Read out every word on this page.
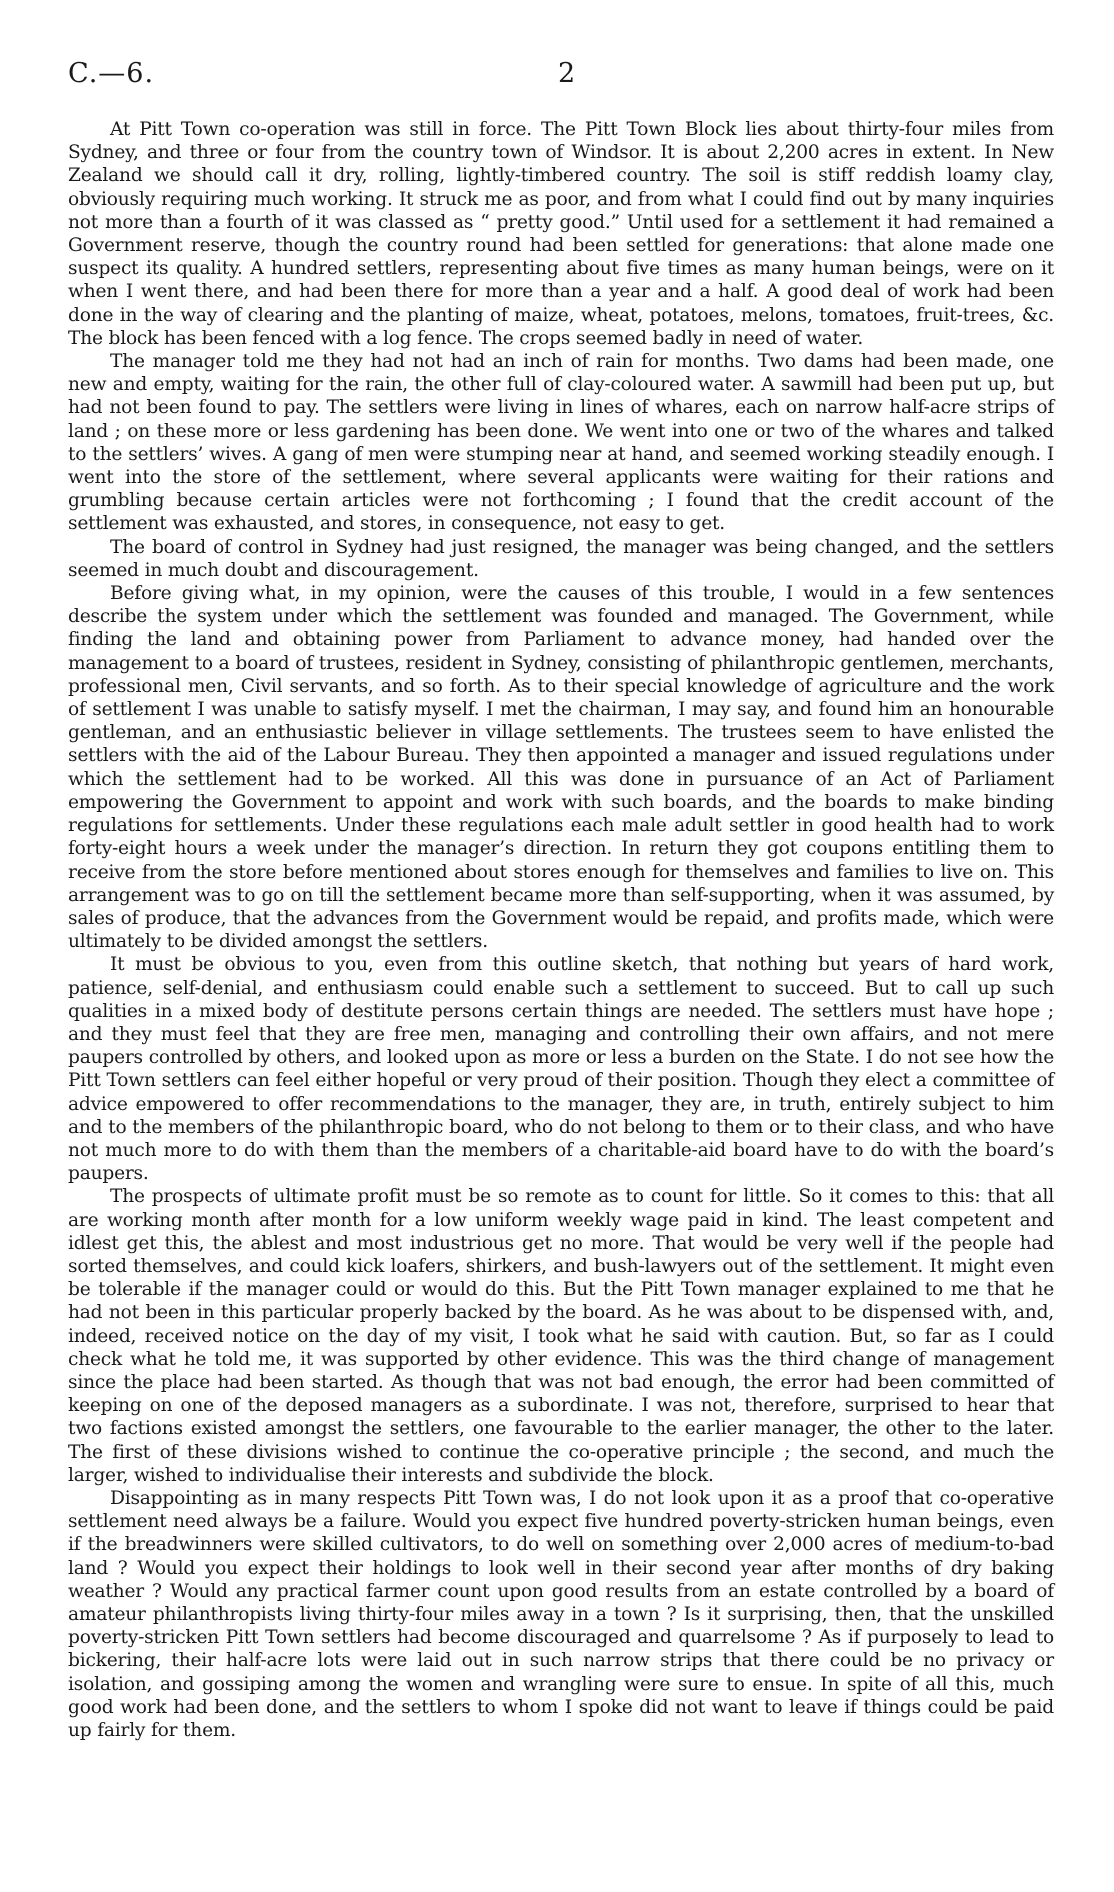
C.—6.	2

At Pitt Town co-operation was still in force. The Pitt Town Block lies about thirty-four miles from Sydney, and three or four from the country town of Windsor. It is about 2,200 acres in extent. In New Zealand we should call it dry, rolling, lightly-timbered country. The soil is stiff reddish loamy clay, obviously requiring much working. It struck me as poor, and from what I could find out by many inquiries not more than a fourth of it was classed as “ pretty good.” Until used for a settlement it had remained a Government reserve, though the country round had been settled for generations: that alone made one suspect its quality. A hundred settlers, representing about five times as many human beings, were on it when I went there, and had been there for more than a year and a half. A good deal of work had been done in the way of clearing and the planting of maize, wheat, potatoes, melons, tomatoes, fruit-trees, &c. The block has been fenced with a log fence. The crops seemed badly in need of water.

The manager told me they had not had an inch of rain for months. Two dams had been made, one new and empty, waiting for the rain, the other full of clay-coloured water. A sawmill had been put up, but had not been found to pay. The settlers were living in lines of whares, each on narrow half-acre strips of land ; on these more or less gardening has been done. We went into one or two of the whares and talked to the settlers’ wives. A gang of men were stumping near at hand, and seemed working steadily enough. I went into the store of the settlement, where several applicants were waiting for their rations and grumbling because certain articles were not forthcoming ; I found that the credit account of the settlement was exhausted, and stores, in consequence, not easy to get.

The board of control in Sydney had just resigned, the manager was being changed, and the settlers seemed in much doubt and discouragement.

Before giving what, in my opinion, were the causes of this trouble, I would in a few sentences describe the system under which the settlement was founded and managed. The Government, while finding the land and obtaining power from Parliament to advance money, had handed over the management to a board of trustees, resident in Sydney, consisting of philanthropic gentlemen, merchants, professional men, Civil servants, and so forth. As to their special knowledge of agriculture and the work of settlement I was unable to satisfy myself. I met the chairman, I may say, and found him an honourable gentleman, and an enthusiastic believer in village settlements. The trustees seem to have enlisted the settlers with the aid of the Labour Bureau. They then appointed a manager and issued regulations under which the settlement had to be worked. All this was done in pursuance of an Act of Parliament empowering the Government to appoint and work with such boards, and the boards to make binding regulations for settlements. Under these regulations each male adult settler in good health had to work forty-eight hours a week under the manager’s direction. In return they got coupons entitling them to receive from the store before mentioned about stores enough for themselves and families to live on. This arrangement was to go on till the settlement became more than self-supporting, when it was assumed, by sales of produce, that the advances from the Government would be repaid, and profits made, which were ultimately to be divided amongst the settlers.

It must be obvious to you, even from this outline sketch, that nothing but years of hard work, patience, self-denial, and enthusiasm could enable such a settlement to succeed. But to call up such qualities in a mixed body of destitute persons certain things are needed. The settlers must have hope ; and they must feel that they are free men, managing and controlling their own affairs, and not mere paupers controlled by others, and looked upon as more or less a burden on the State. I do not see how the Pitt Town settlers can feel either hopeful or very proud of their position. Though they elect a committee of advice empowered to offer recommendations to the manager, they are, in truth, entirely subject to him and to the members of the philanthropic board, who do not belong to them or to their class, and who have not much more to do with them than the members of a charitable-aid board have to do with the board’s paupers.

The prospects of ultimate profit must be so remote as to count for little. So it comes to this: that all are working month after month for a low uniform weekly wage paid in kind. The least competent and idlest get this, the ablest and most industrious get no more. That would be very well if the people had sorted themselves, and could kick loafers, shirkers, and bush-lawyers out of the settlement. It might even be tolerable if the manager could or would do this. But the Pitt Town manager explained to me that he had not been in this particular properly backed by the board. As he was about to be dispensed with, and, indeed, received notice on the day of my visit, I took what he said with caution. But, so far as I could check what he told me, it was supported by other evidence. This was the third change of management since the place had been started. As though that was not bad enough, the error had been committed of keeping on one of the deposed managers as a subordinate. I was not, therefore, surprised to hear that two factions existed amongst the settlers, one favourable to the earlier manager, the other to the later. The first of these divisions wished to continue the co-operative principle ; the second, and much the larger, wished to individualise their interests and subdivide the block.

Disappointing as in many respects Pitt Town was, I do not look upon it as a proof that co-operative settlement need always be a failure. Would you expect five hundred poverty-stricken human beings, even if the breadwinners were skilled cultivators, to do well on something over 2,000 acres of medium-to-bad land ? Would you expect their holdings to look well in their second year after months of dry baking weather ? Would any practical farmer count upon good results from an estate controlled by a board of amateur philanthropists living thirty-four miles away in a town ? Is it surprising, then, that the unskilled poverty-stricken Pitt Town settlers had become discouraged and quarrelsome ? As if purposely to lead to bickering, their half-acre lots were laid out in such narrow strips that there could be no privacy or isolation, and gossiping among the women and wrangling were sure to ensue. In spite of all this, much good work had been done, and the settlers to whom I spoke did not want to leave if things could be paid up fairly for them.
